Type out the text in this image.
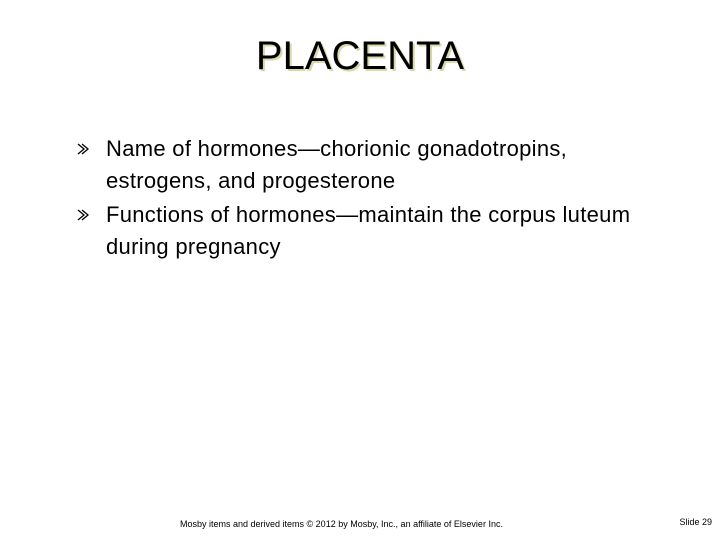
PLACENTA
Name of hormones—chorionic gonadotropins, estrogens, and progesterone
Functions of hormones—maintain the corpus luteum during pregnancy
Mosby items and derived items © 2012 by Mosby, Inc., an affiliate of Elsevier Inc.	Slide 29
